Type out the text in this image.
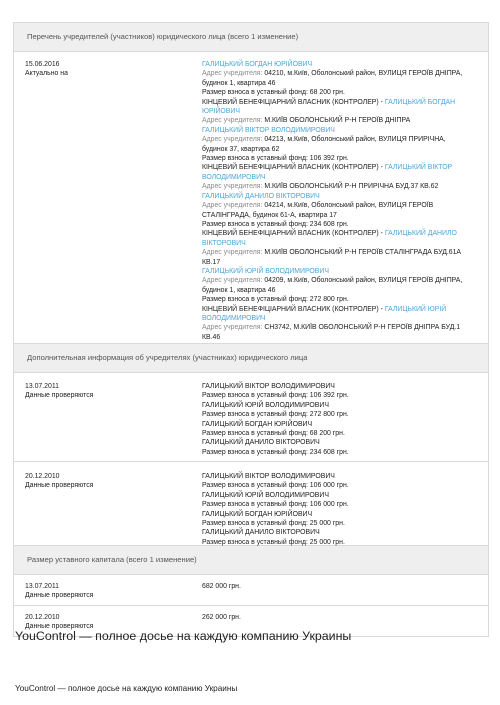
Перечень учредителей (участников) юридического лица (всего 1 изменение)
15.06.2016
Актуально на
ГАЛИЦЬКИЙ БОГДАН ЮРІЙОВИЧ
Адрес учредителя: 04210, м.Київ, Оболонський район, ВУЛИЦЯ ГЕРОЇВ ДНІПРА, будинок 1, квартира 46
Размер взноса в уставный фонд: 68 200 грн.
КІНЦЕВИЙ БЕНЕФІЦІАРНИЙ ВЛАСНИК (КОНТРОЛЕР) - ГАЛИЦЬКИЙ БОГДАН ЮРІЙОВИЧ
Адрес учредителя: М.КИЇВ ОБОЛОНСЬКИЙ Р-Н ГЕРОЇВ ДНІПРА
ГАЛИЦЬКИЙ ВІКТОР ВОЛОДИМИРОВИЧ
Адрес учредителя: 04213, м.Київ, Оболонський район, ВУЛИЦЯ ПРИРІЧНА, будинок 37, квартира 62
Размер взноса в уставный фонд: 106 392 грн.
КІНЦЕВИЙ БЕНЕФІЦІАРНИЙ ВЛАСНИК (КОНТРОЛЕР) - ГАЛИЦЬКИЙ ВІКТОР ВОЛОДИМИРОВИЧ
Адрес учредителя: М.КИЇВ ОБОЛОНСЬКИЙ Р-Н ПРИРІЧНА БУД.37 КВ.62
ГАЛИЦЬКИЙ ДАНИЛО ВІКТОРОВИЧ
Адрес учредителя: 04214, м.Київ, Оболонський район, ВУЛИЦЯ ГЕРОЇВ СТАЛІНГРАДА, будинок 61-А, квартира 17
Размер взноса в уставный фонд: 234 608 грн.
КІНЦЕВИЙ БЕНЕФІЦІАРНИЙ ВЛАСНИК (КОНТРОЛЕР) - ГАЛИЦЬКИЙ ДАНИЛО ВІКТОРОВИЧ
Адрес учредителя: М.КИЇВ ОБОЛОНСЬКИЙ Р-Н ГЕРОЇВ СТАЛІНГРАДА БУД.61А КВ.17
ГАЛИЦЬКИЙ ЮРІЙ ВОЛОДИМИРОВИЧ
Адрес учредителя: 04209, м.Київ, Оболонський район, ВУЛИЦЯ ГЕРОЇВ ДНІПРА, будинок 1, квартира 46
Размер взноса в уставный фонд: 272 800 грн.
КІНЦЕВИЙ БЕНЕФІЦІАРНИЙ ВЛАСНИК (КОНТРОЛЕР) - ГАЛИЦЬКИЙ ЮРІЙ ВОЛОДИМИРОВИЧ
Адрес учредителя: СН3742, М.КИЇВ ОБОЛОНСЬКИЙ Р-Н ГЕРОЇВ ДНІПРА БУД.1 КВ.46
Дополнительная информация об учредителях (участниках) юридического лица
13.07.2011
Данные проверяются
ГАЛИЦЬКИЙ ВІКТОР ВОЛОДИМИРОВИЧ
Размер взноса в уставный фонд: 106 392 грн.
ГАЛИЦЬКИЙ ЮРІЙ ВОЛОДИМИРОВИЧ
Размер взноса в уставный фонд: 272 800 грн.
ГАЛИЦЬКИЙ БОГДАН ЮРІЙОВИЧ
Размер взноса в уставный фонд: 68 200 грн.
ГАЛИЦЬКИЙ ДАНИЛО ВІКТОРОВИЧ
Размер взноса в уставный фонд: 234 608 грн.
20.12.2010
Данные проверяются
ГАЛИЦЬКИЙ ВІКТОР ВОЛОДИМИРОВИЧ
Размер взноса в уставный фонд: 106 000 грн.
ГАЛИЦЬКИЙ ЮРІЙ ВОЛОДИМИРОВИЧ
Размер взноса в уставный фонд: 106 000 грн.
ГАЛИЦЬКИЙ БОГДАН ЮРІЙОВИЧ
Размер взноса в уставный фонд: 25 000 грн.
ГАЛИЦЬКИЙ ДАНИЛО ВІКТОРОВИЧ
Размер взноса в уставный фонд: 25 000 грн.
Размер уставного капитала (всего 1 изменение)
13.07.2011
Данные проверяются
682 000 грн.
20.12.2010
Данные проверяются
262 000 грн.
YouControl — полное досье на каждую компанию Украины
YouControl — полное досье на каждую компанию Украины
